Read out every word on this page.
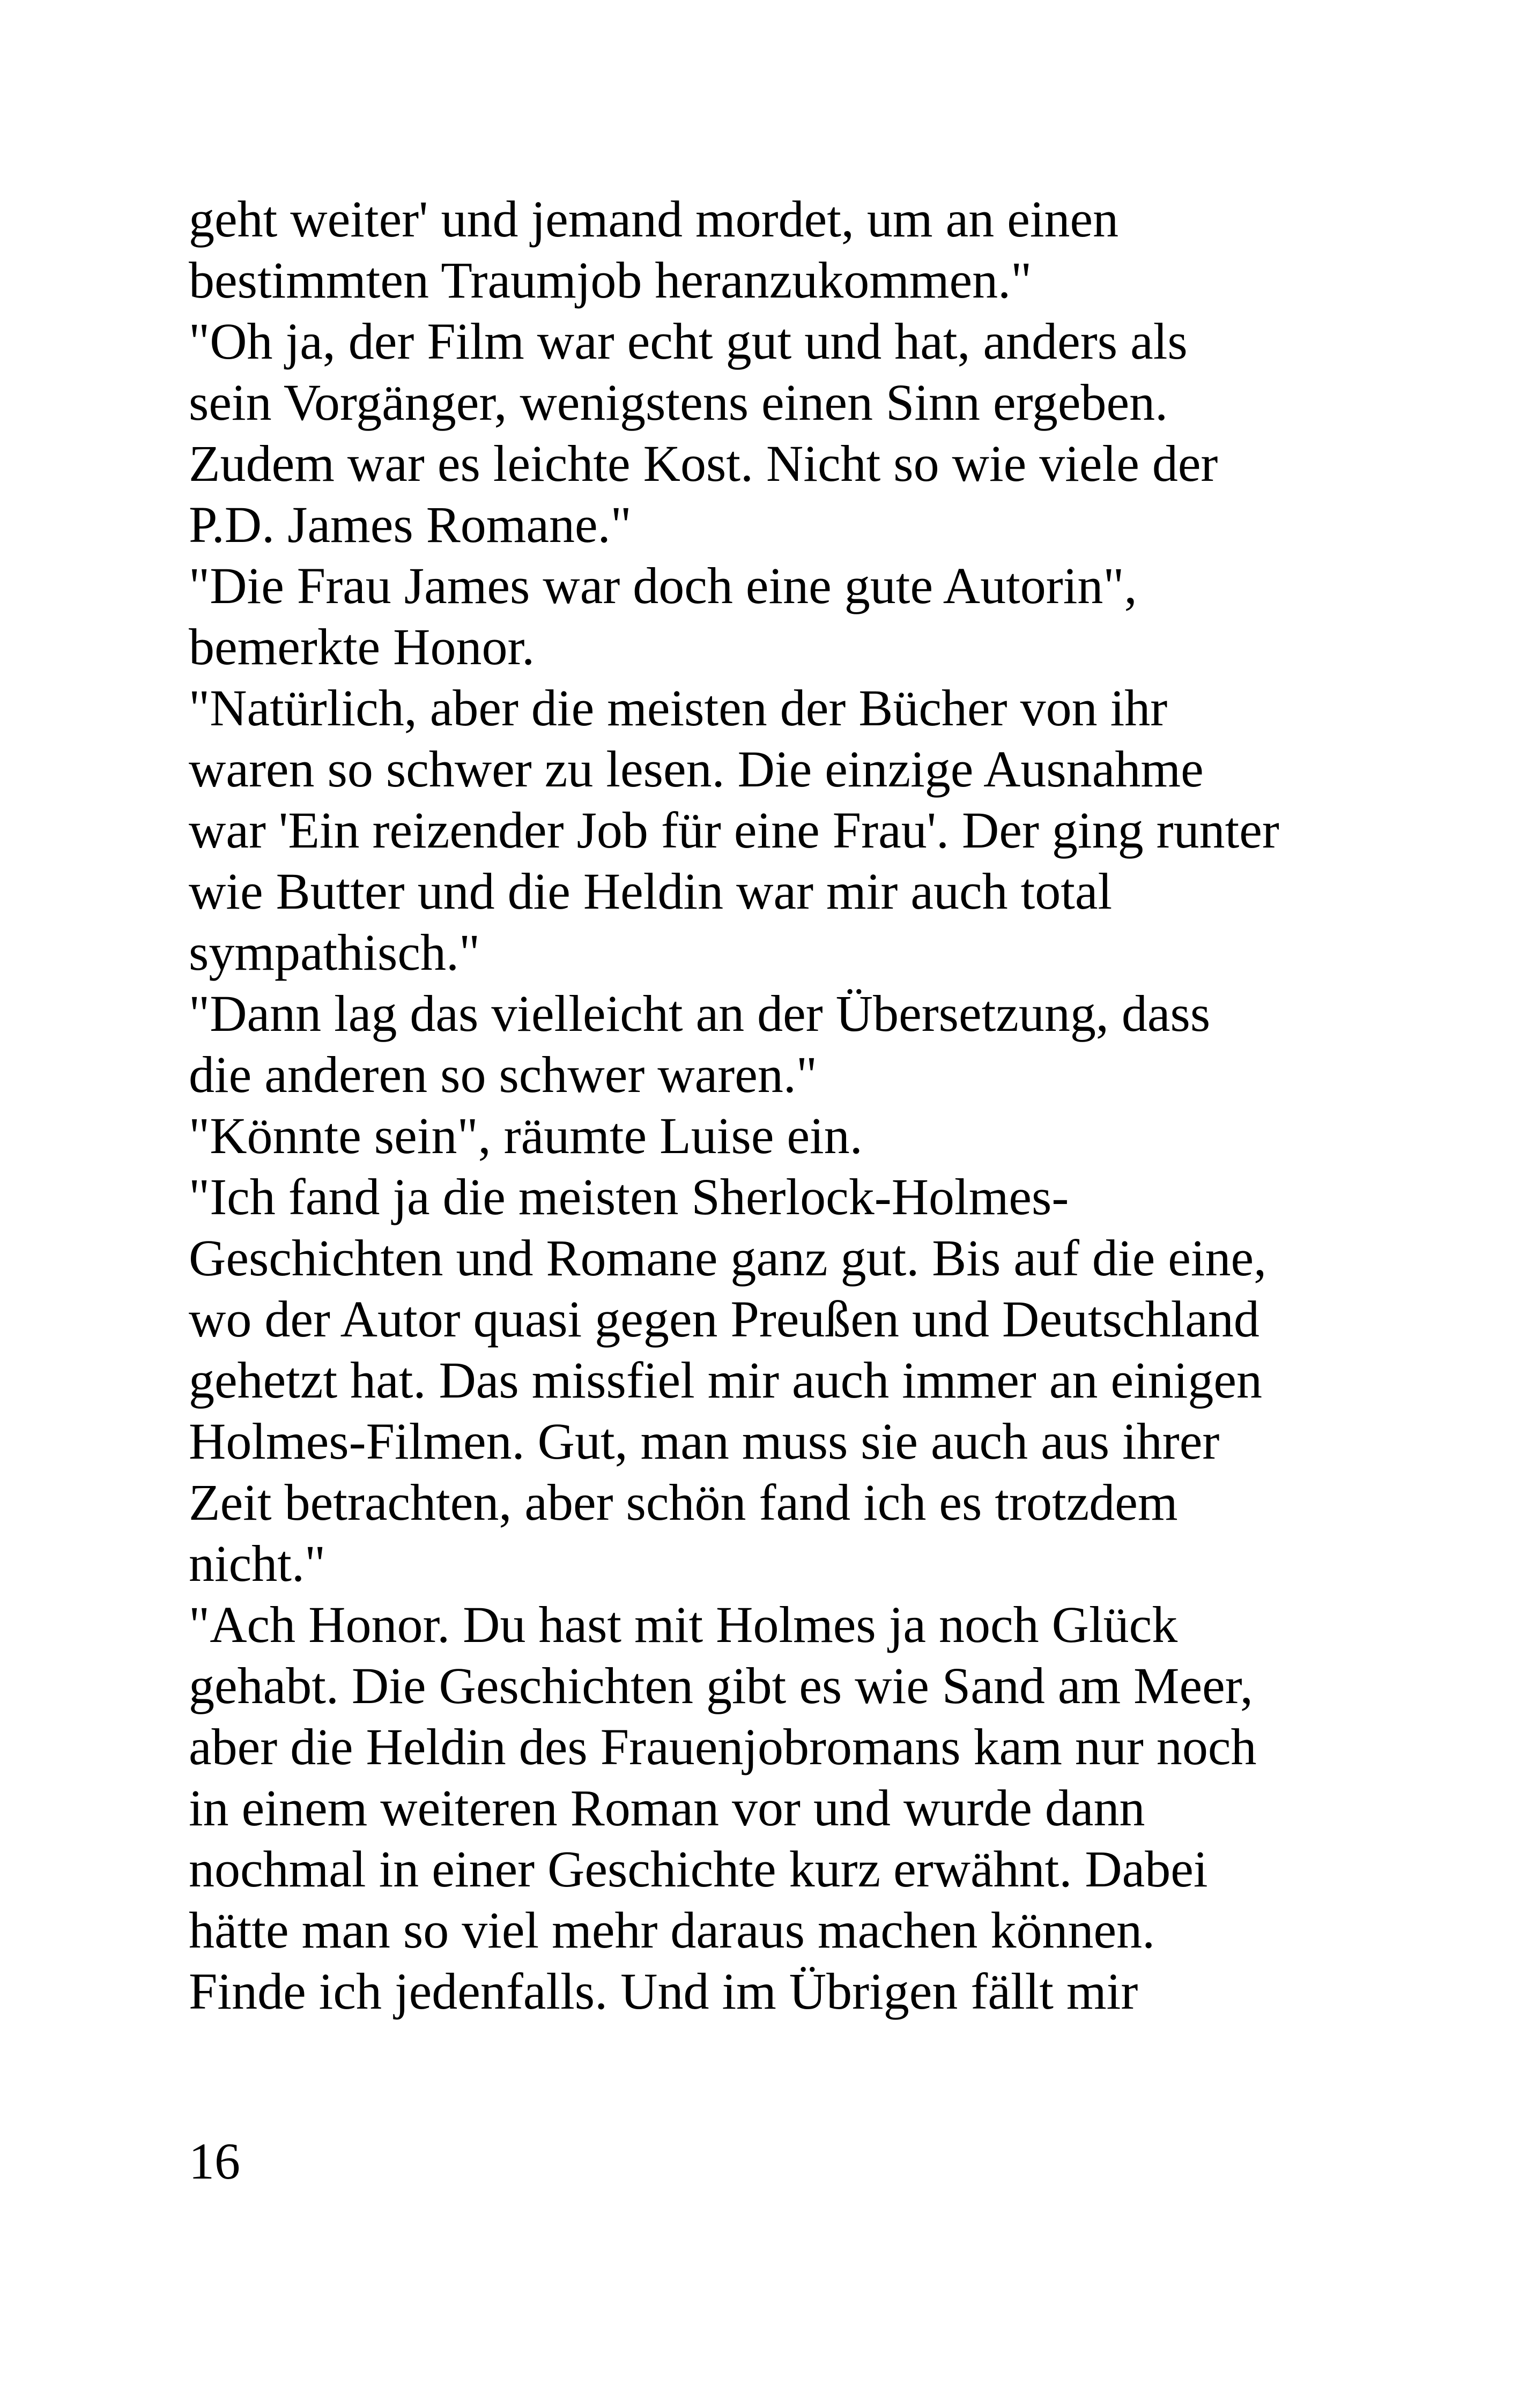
geht weiter' und jemand mordet, um an einen
bestimmten Traumjob heranzukommen."
"Oh ja, der Film war echt gut und hat, anders als
sein Vorgänger, wenigstens einen Sinn ergeben.
Zudem war es leichte Kost. Nicht so wie viele der
P.D. James Romane."
"Die Frau James war doch eine gute Autorin",
bemerkte Honor.
"Natürlich, aber die meisten der Bücher von ihr
waren so schwer zu lesen. Die einzige Ausnahme
war 'Ein reizender Job für eine Frau'. Der ging runter
wie Butter und die Heldin war mir auch total
sympathisch."
"Dann lag das vielleicht an der Übersetzung, dass
die anderen so schwer waren."
"Könnte sein", räumte Luise ein.
"Ich fand ja die meisten Sherlock-Holmes-
Geschichten und Romane ganz gut. Bis auf die eine,
wo der Autor quasi gegen Preußen und Deutschland
gehetzt hat. Das missfiel mir auch immer an einigen
Holmes-Filmen. Gut, man muss sie auch aus ihrer
Zeit betrachten, aber schön fand ich es trotzdem
nicht."
"Ach Honor. Du hast mit Holmes ja noch Glück
gehabt. Die Geschichten gibt es wie Sand am Meer,
aber die Heldin des Frauenjobromans kam nur noch
in einem weiteren Roman vor und wurde dann
nochmal in einer Geschichte kurz erwähnt. Dabei
hätte man so viel mehr daraus machen können.
Finde ich jedenfalls. Und im Übrigen fällt mir
16
